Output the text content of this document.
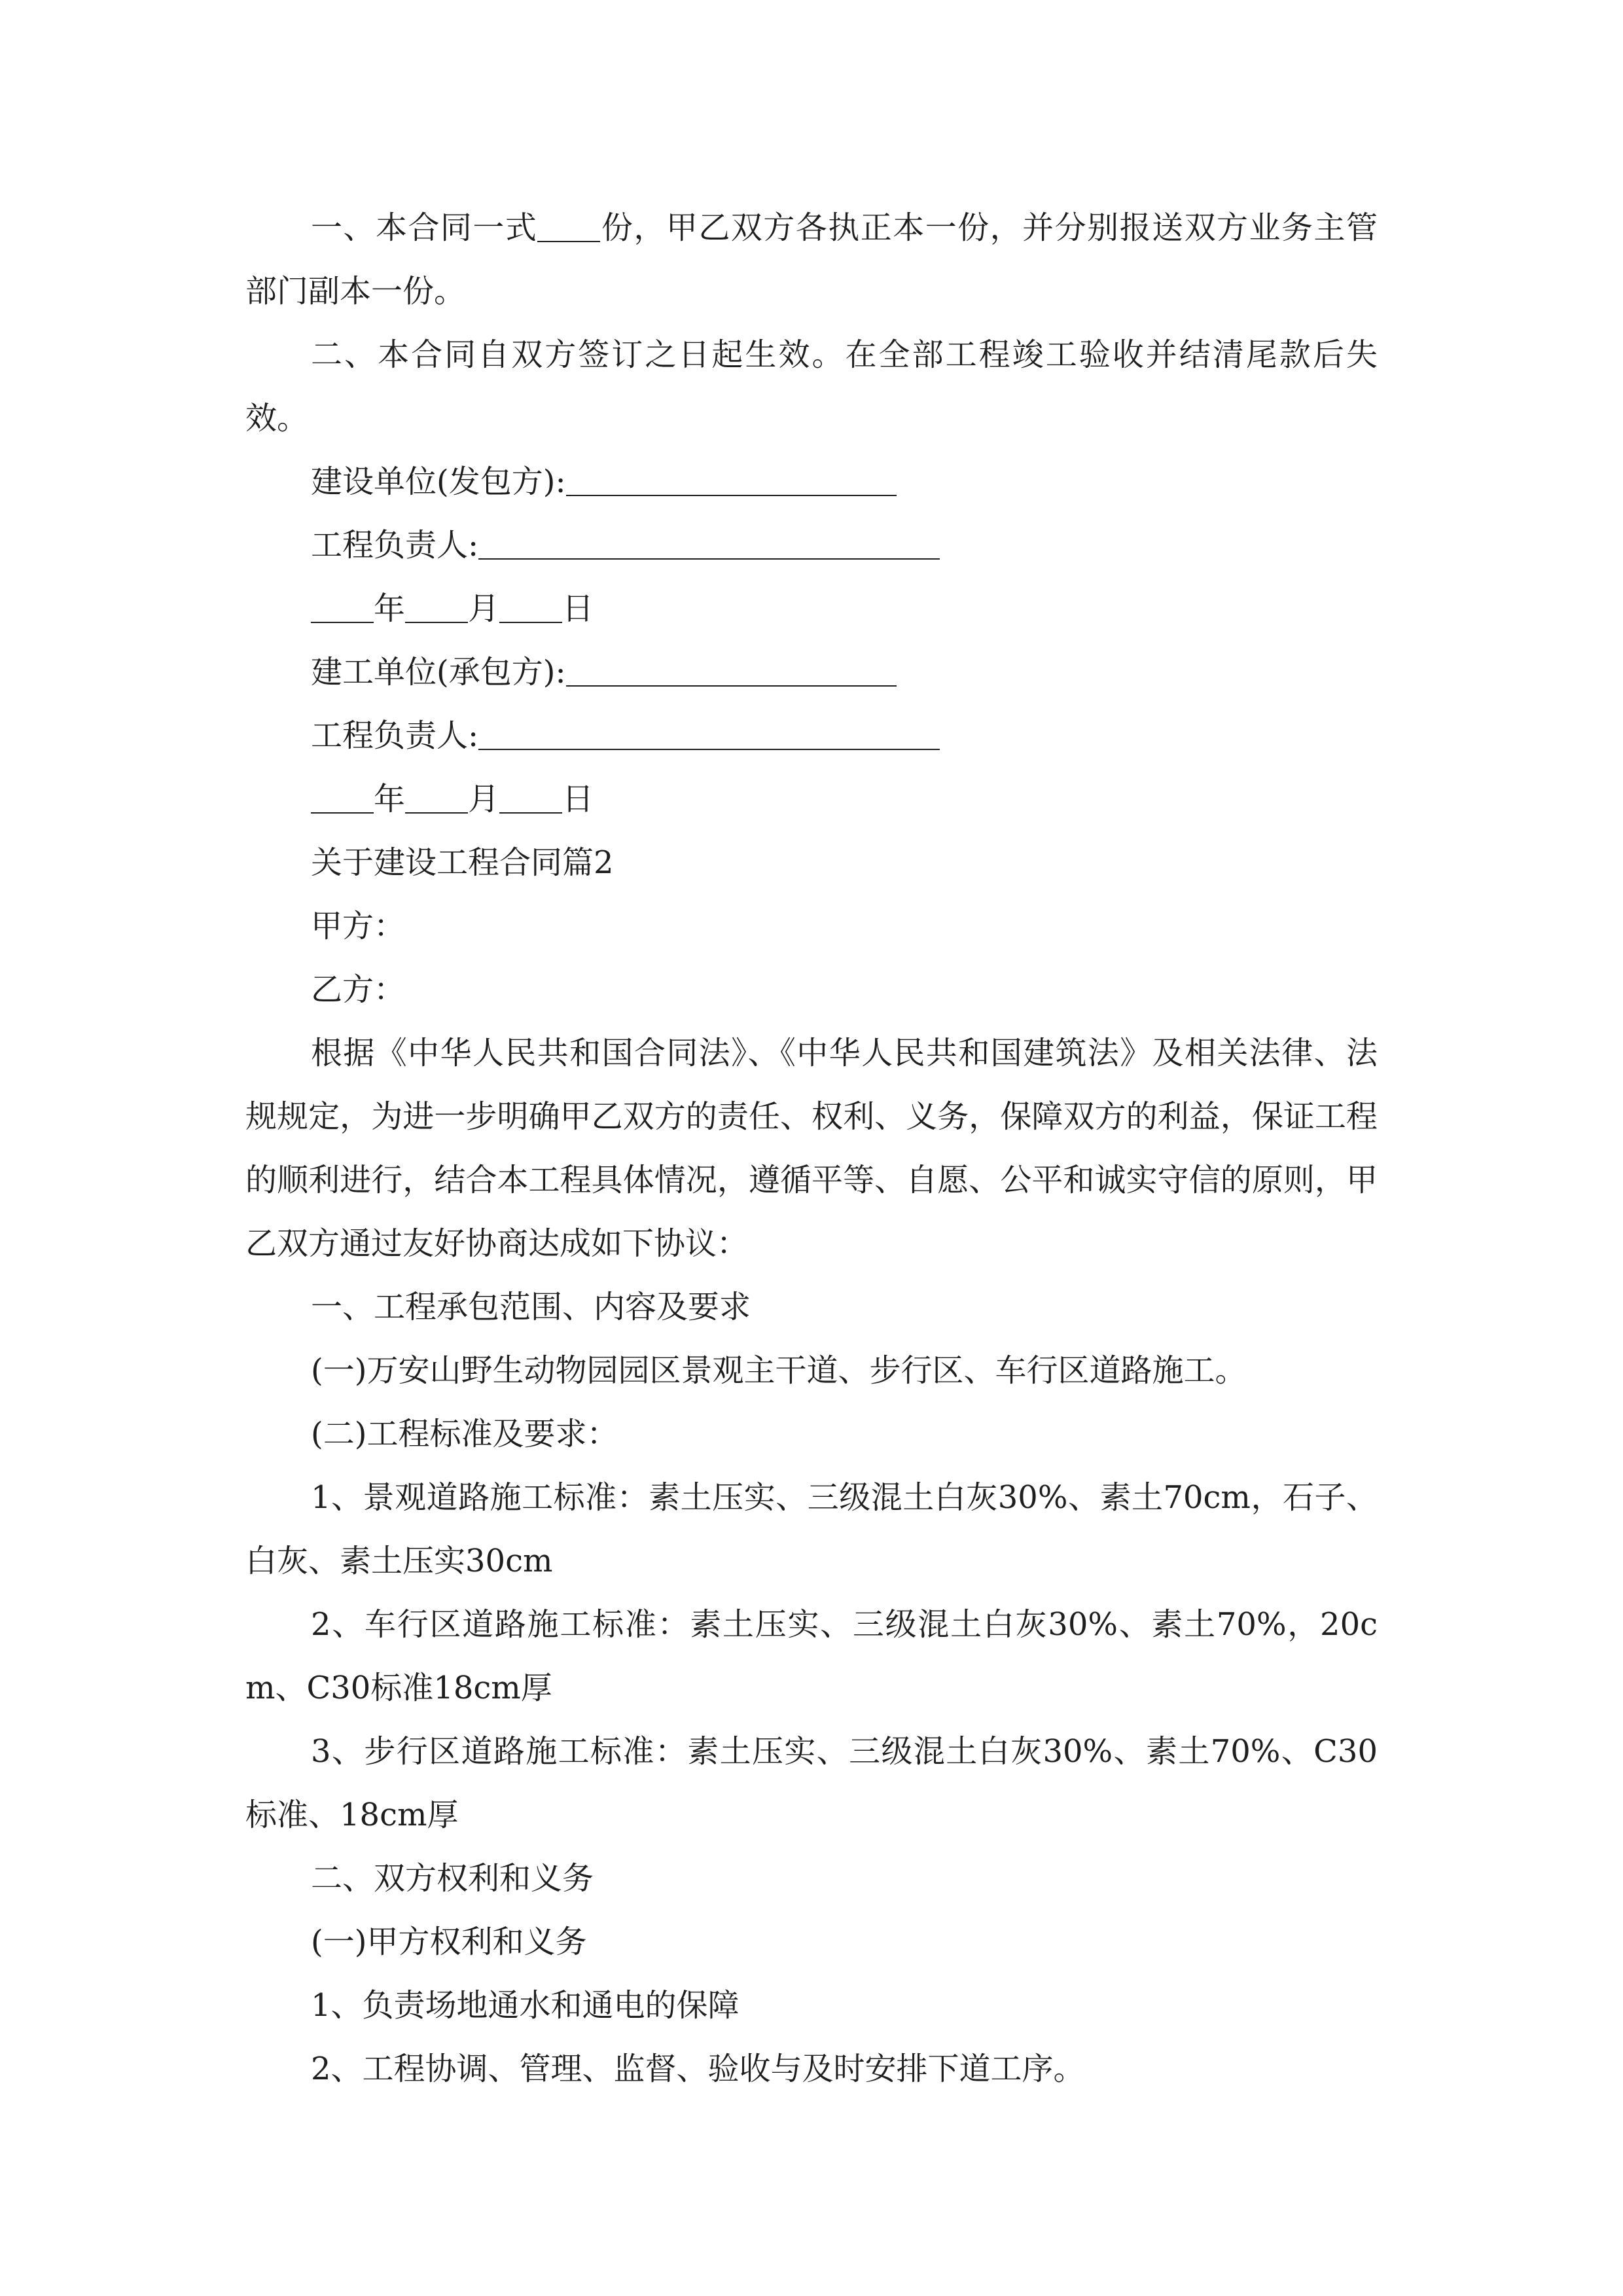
一、本合同一式 份，甲乙双方各执正本一份，并分别报送双方业务主管部门副本一份。

二、本合同自双方签订之日起生效。在全部工程竣工验收并结清尾款后失效。

建设单位(发包方):

工程负责人:

年 月 日

建工单位(承包方):

工程负责人:

年 月 日

关于建设工程合同篇2

甲方：

乙方：

根据《中华人民共和国合同法》、《中华人民共和国建筑法》及相关法律、法规规定，为进一步明确甲乙双方的责任、权利、义务，保障双方的利益，保证工程的顺利进行，结合本工程具体情况，遵循平等、自愿、公平和诚实守信的原则，甲乙双方通过友好协商达成如下协议：

一、工程承包范围、内容及要求

(一)万安山野生动物园园区景观主干道、步行区、车行区道路施工。

(二)工程标准及要求：

1、景观道路施工标准：素土压实、三级混土白灰30%、素土70cm，石子、白灰、素土压实30cm

2、车行区道路施工标准：素土压实、三级混土白灰30%、素土70%，20cm、C30标准18cm厚

3、步行区道路施工标准：素土压实、三级混土白灰30%、素土70%、C30标准、18cm厚

二、双方权利和义务

(一)甲方权利和义务

1、负责场地通水和通电的保障

2、工程协调、管理、监督、验收与及时安排下道工序。
